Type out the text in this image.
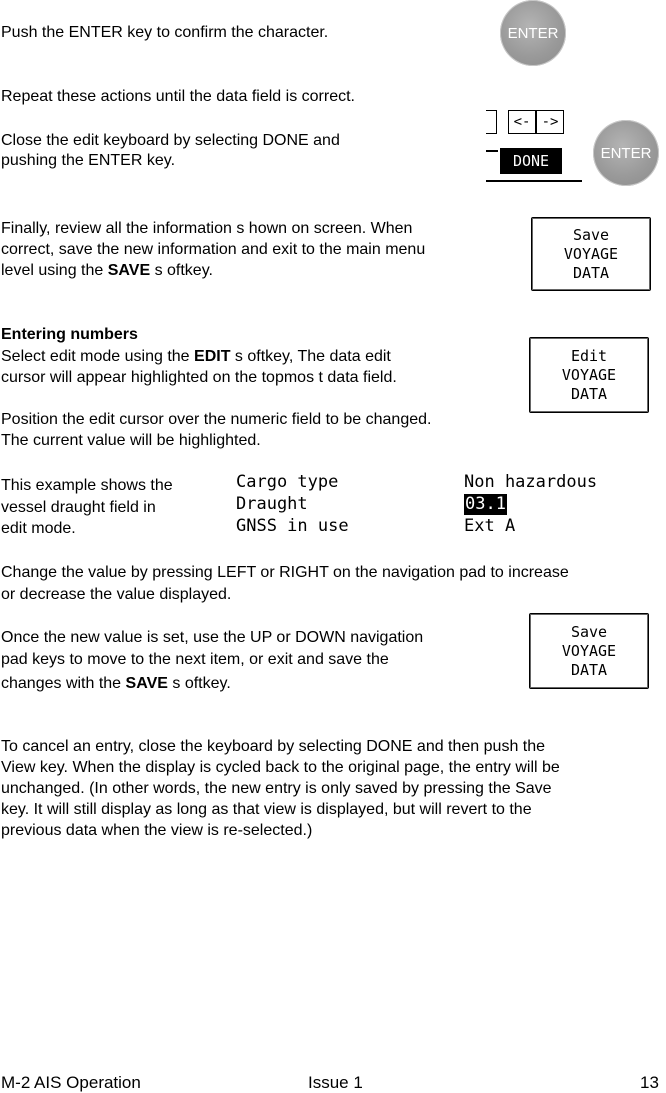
Push the ENTER key to confirm the character.	ENTER

Repeat these actions until the data field is correct.

Close the edit keyboard by selecting DONE and

pushing the ENTER key.

<- ->
DONE	ENTER

Finally, review all the information s hown on screen. When

correct, save the new information and exit to the main menu

level using the SAVE s oftkey.

Save
VOYAGE
DATA

Entering numbers

Select edit mode using the EDIT s oftkey, The data edit

cursor will appear highlighted on the topmos t data field.

Edit
VOYAGE
DATA

Position the edit cursor over the numeric field to be changed.

The current value will be highlighted.

This example shows the

vessel draught field in

edit mode.

Cargo type	Non hazardous
Draught	03.1
GNSS in use	Ext A

Change the value by pressing LEFT or RIGHT on the navigation pad to increase

or decrease the value displayed.

Once the new value is set, use the UP or DOWN navigation

pad keys to move to the next item, or exit and save the

changes with the SAVE s oftkey.

Save
VOYAGE
DATA

To cancel an entry, close the keyboard by selecting DONE and then push the

View key. When the display is cycled back to the original page, the entry will be

unchanged. (In other words, the new entry is only saved by pressing the Save

key. It will still display as long as that view is displayed, but will revert to the

previous data when the view is re-selected.)

M-2 AIS Operation	Issue 1	13
